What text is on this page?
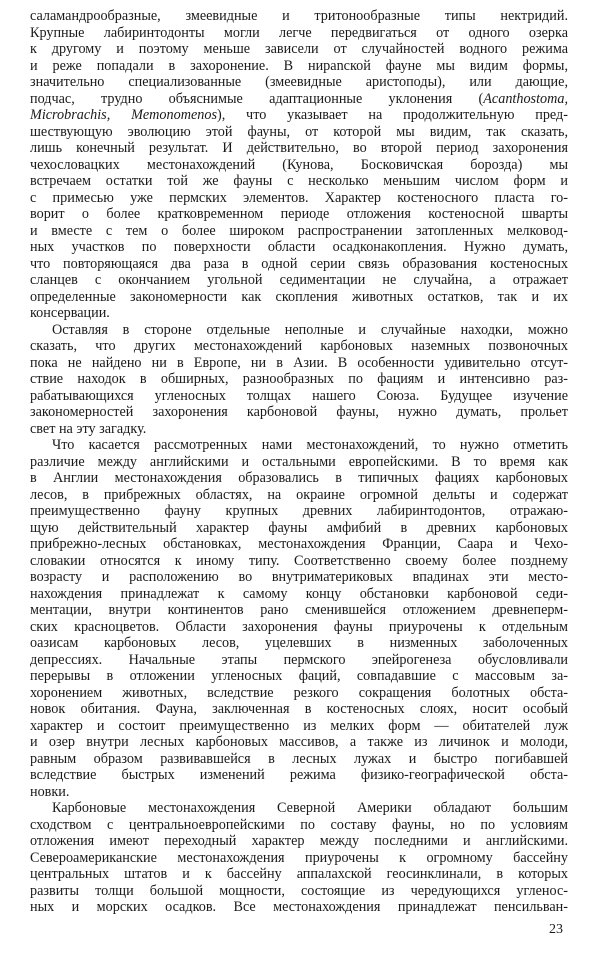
саламандрообразные, змеевидные и тритонообразные типы нектридий.
Крупные лабиринтодонты могли легче передвигаться от одного озерка
к другому и поэтому меньше зависели от случайностей водного режима
и реже попадали в захоронение. В нирanской фауне мы видим формы,
значительно специализованные (змеевидные аристоподы), или дающие,
подчас, трудно объяснимые адаптационные уклонения (Acanthostoma,
Microbrachis, Memonomenos), что указывает на продолжительную пред-
шествующую эволюцию этой фауны, от которой мы видим, так сказать,
лишь конечный результат. И действительно, во второй период захоронения
чехословацких местонахождений (Кунова, Босковичская борозда) мы
встречаем остатки той же фауны с несколько меньшим числом форм и
с примесью уже пермских элементов. Характер костеносного пласта го-
ворит о более кратковременном периоде отложения костеносной шварты
и вместе с тем о более широком распространении затопленных мелковод-
ных участков по поверхности области осадконакопления. Нужно думать,
что повторяющаяся два раза в одной серии связь образования костеносных
сланцев с окончанием угольной седиментации не случайна, а отражает
определенные закономерности как скопления животных остатков, так и их
консервации.
Оставляя в стороне отдельные неполные и случайные находки, можно
сказать, что других местонахождений карбоновых наземных позвоночных
пока не найдено ни в Европе, ни в Азии. В особенности удивительно отсут-
ствие находок в обширных, разнообразных по фациям и интенсивно раз-
рабатывающихся угленосных толщах нашего Союза. Будущее изучение
закономерностей захоронения карбоновой фауны, нужно думать, прольет
свет на эту загадку.
Что касается рассмотренных нами местонахождений, то нужно отметить
различие между английскими и остальными европейскими. В то время как
в Англии местонахождения образовались в типичных фациях карбоновых
лесов, в прибрежных областях, на окраине огромной дельты и содержат
преимущественно фауну крупных древних лабиринтодонтов, отражаю-
щую действительный характер фауны амфибий в древних карбоновых
прибрежно-лесных обстановках, местонахождения Франции, Саара и Чехо-
словакии относятся к иному типу. Соответственно своему более позднему
возрасту и расположению во внутриматериковых впадинах эти место-
нахождения принадлежат к самому концу обстановки карбоновой седи-
ментации, внутри континентов рано сменившейся отложением древнеперм-
ских красноцветов. Области захоронения фауны приурочены к отдельным
оазисам карбоновых лесов, уцелевших в низменных заболоченных
депрессиях. Начальные этапы пермского эпейрогенеза обусловливали
перерывы в отложении угленосных фаций, совпадавшие с массовым за-
хоронением животных, вследствие резкого сокращения болотных обста-
новок обитания. Фауна, заключенная в костеносных слоях, носит особый
характер и состоит преимущественно из мелких форм — обитателей луж
и озер внутри лесных карбоновых массивов, а также из личинок и молоди,
равным образом развивавшейся в лесных лужах и быстро погибавшей
вследствие быстрых изменений режима физико-географической обста-
новки.
Карбоновые местонахождения Северной Америки обладают большим
сходством с центральноевропейскими по составу фауны, но по условиям
отложения имеют переходный характер между последними и английскими.
Североамериканские местонахождения приурочены к огромному бассейну
центральных штатов и к бассейну аппалахской геосинклинали, в которых
развиты толщи большой мощности, состоящие из чередующихся угленос-
ных и морских осадков. Все местонахождения принадлежат пенсильван-
23
